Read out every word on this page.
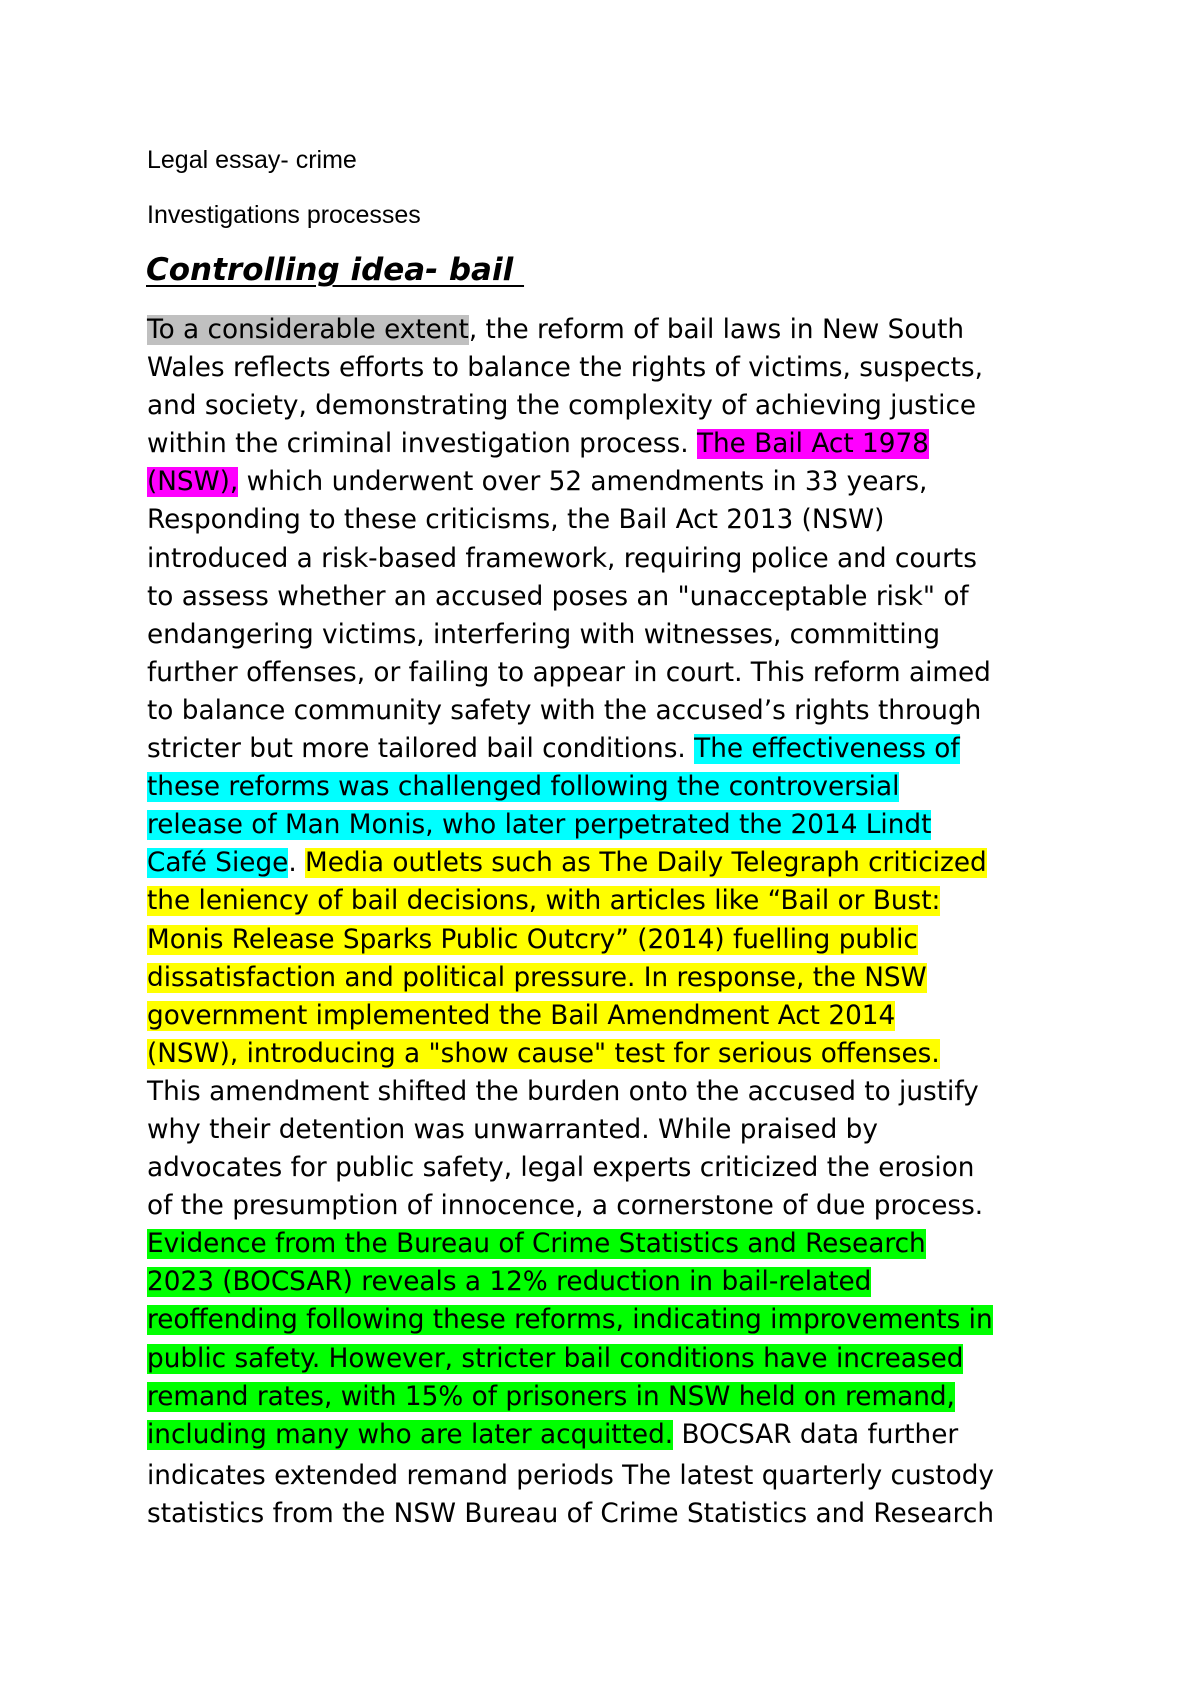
Legal essay- crime

Investigations processes

Controlling idea- bail

To a considerable extent, the reform of bail laws in New South
Wales reflects efforts to balance the rights of victims, suspects,
and society, demonstrating the complexity of achieving justice
within the criminal investigation process. The Bail Act 1978
(NSW), which underwent over 52 amendments in 33 years,
Responding to these criticisms, the Bail Act 2013 (NSW)
introduced a risk-based framework, requiring police and courts
to assess whether an accused poses an "unacceptable risk" of
endangering victims, interfering with witnesses, committing
further offenses, or failing to appear in court. This reform aimed
to balance community safety with the accused’s rights through
stricter but more tailored bail conditions. The effectiveness of
these reforms was challenged following the controversial
release of Man Monis, who later perpetrated the 2014 Lindt
Café Siege. Media outlets such as The Daily Telegraph criticized
the leniency of bail decisions, with articles like “Bail or Bust:
Monis Release Sparks Public Outcry” (2014) fuelling public
dissatisfaction and political pressure. In response, the NSW
government implemented the Bail Amendment Act 2014
(NSW), introducing a "show cause" test for serious offenses.
This amendment shifted the burden onto the accused to justify
why their detention was unwarranted. While praised by
advocates for public safety, legal experts criticized the erosion
of the presumption of innocence, a cornerstone of due process.
Evidence from the Bureau of Crime Statistics and Research
2023 (BOCSAR) reveals a 12% reduction in bail-related
reoffending following these reforms, indicating improvements in
public safety. However, stricter bail conditions have increased
remand rates, with 15% of prisoners in NSW held on remand,
including many who are later acquitted. BOCSAR data further
indicates extended remand periods The latest quarterly custody
statistics from the NSW Bureau of Crime Statistics and Research
